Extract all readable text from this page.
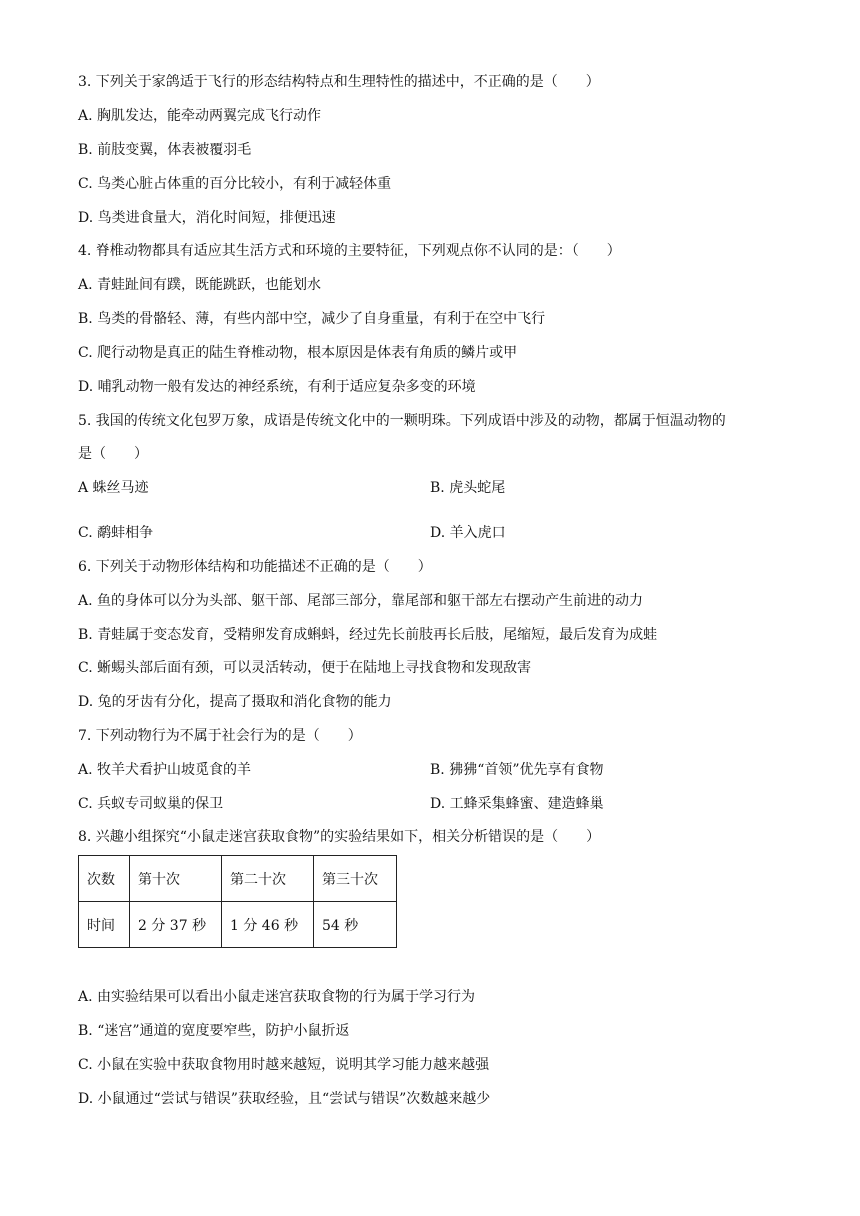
3. 下列关于家鸽适于飞行的形态结构特点和生理特性的描述中，不正确的是（　　）
A. 胸肌发达，能牵动两翼完成飞行动作
B. 前肢变翼，体表被覆羽毛
C. 鸟类心脏占体重的百分比较小，有利于减轻体重
D. 鸟类进食量大，消化时间短，排便迅速
4. 脊椎动物都具有适应其生活方式和环境的主要特征，下列观点你不认同的是：（　　）
A. 青蛙趾间有蹼，既能跳跃，也能划水
B. 鸟类的骨骼轻、薄，有些内部中空，减少了自身重量，有利于在空中飞行
C. 爬行动物是真正的陆生脊椎动物，根本原因是体表有角质的鳞片或甲
D. 哺乳动物一般有发达的神经系统，有利于适应复杂多变的环境
5. 我国的传统文化包罗万象，成语是传统文化中的一颗明珠。下列成语中涉及的动物，都属于恒温动物的
是（　　）
A 蛛丝马迹	B. 虎头蛇尾
C. 鹬蚌相争	D. 羊入虎口
6. 下列关于动物形体结构和功能描述不正确的是（　　）
A. 鱼的身体可以分为头部、躯干部、尾部三部分，靠尾部和躯干部左右摆动产生前进的动力
B. 青蛙属于变态发育，受精卵发育成蝌蚪，经过先长前肢再长后肢，尾缩短，最后发育为成蛙
C. 蜥蜴头部后面有颈，可以灵活转动，便于在陆地上寻找食物和发现敌害
D. 兔的牙齿有分化，提高了摄取和消化食物的能力
7. 下列动物行为不属于社会行为的是（　　）
A. 牧羊犬看护山坡觅食的羊	B. 狒狒“首领”优先享有食物
C. 兵蚁专司蚁巢的保卫	D. 工蜂采集蜂蜜、建造蜂巢
8. 兴趣小组探究“小鼠走迷宫获取食物”的实验结果如下，相关分析错误的是（　　）
次数	第十次	第二十次	第三十次
时间	2 分 37 秒	1 分 46 秒	54 秒
A. 由实验结果可以看出小鼠走迷宫获取食物的行为属于学习行为
B. “迷宫”通道的宽度要窄些，防护小鼠折返
C. 小鼠在实验中获取食物用时越来越短，说明其学习能力越来越强
D. 小鼠通过“尝试与错误”获取经验，且“尝试与错误”次数越来越少
